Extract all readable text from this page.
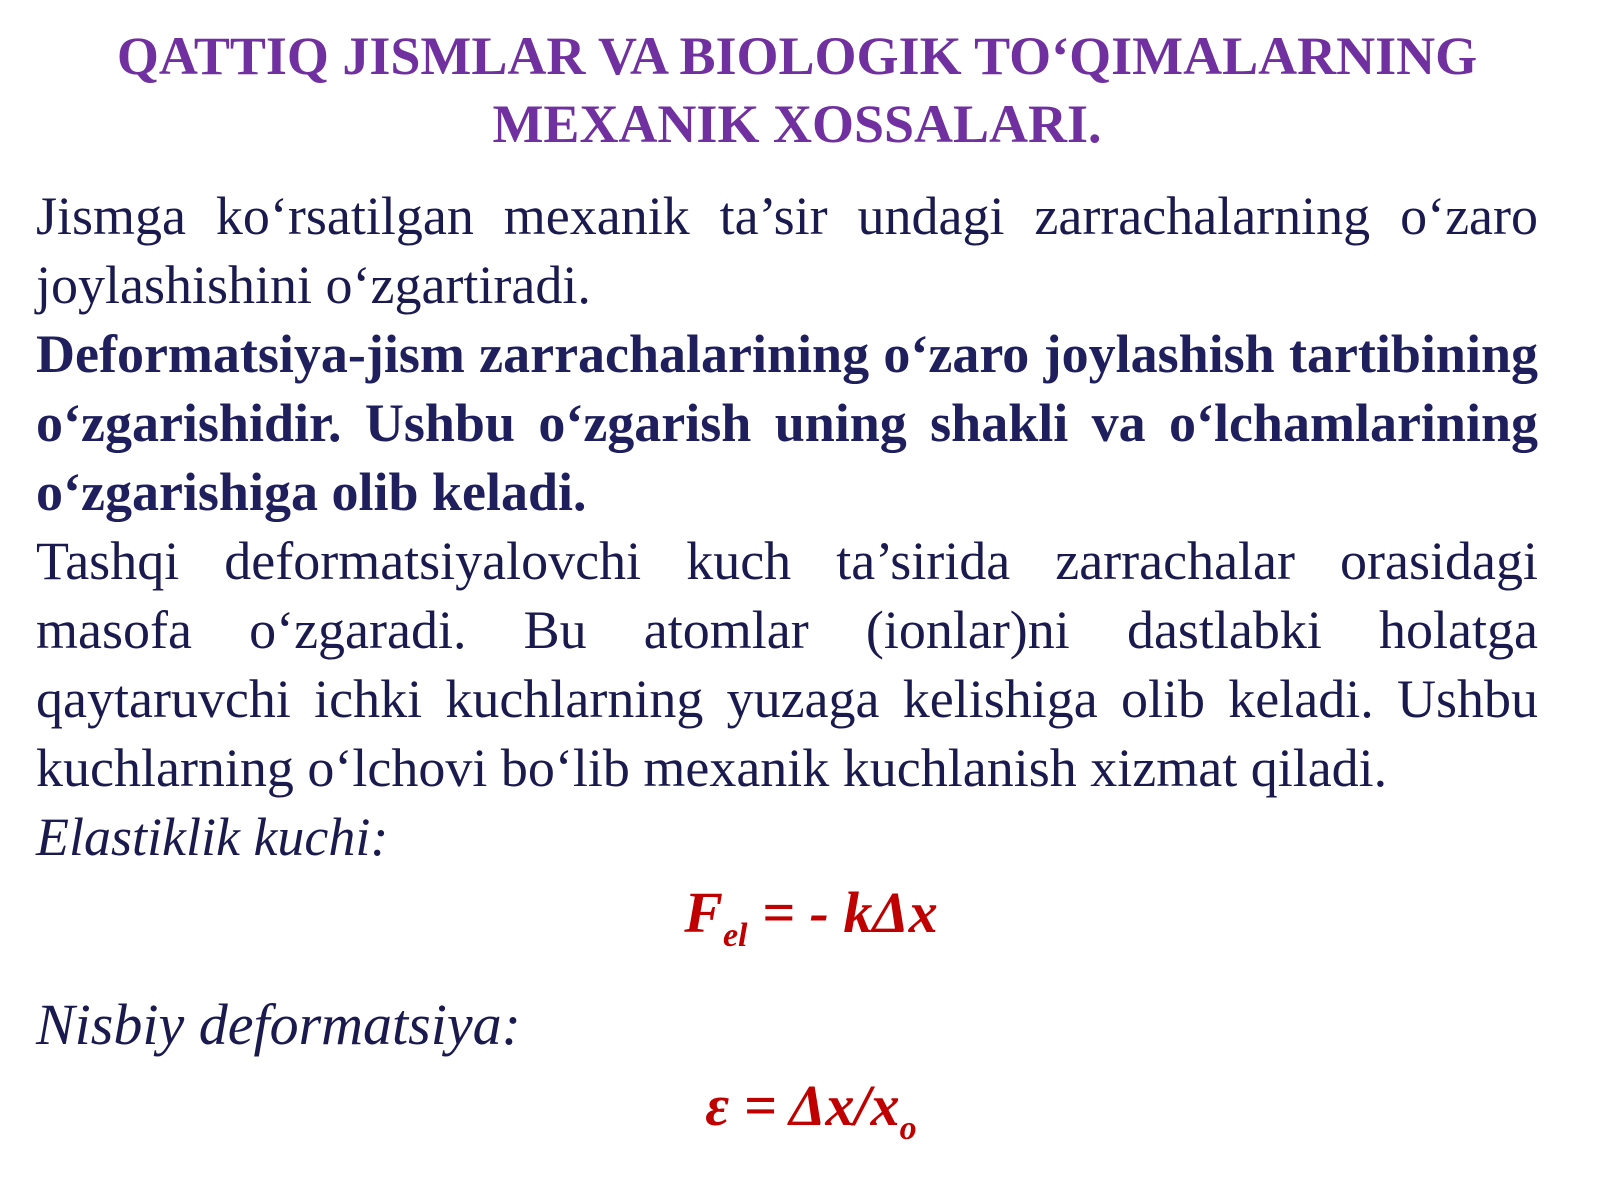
QATTIQ JISMLAR VA BIOLOGIK TO‘QIMALARNING
MEXANIK XOSSALARI.

Jismga ko‘rsatilgan mexanik ta’sir undagi zarrachalarning o‘zaro joylashishini o‘zgartiradi.

Deformatsiya-jism zarrachalarining o‘zaro joylashish tartibining o‘zgarishidir. Ushbu o‘zgarish uning shakli va o‘lchamlarining o‘zgarishiga olib keladi.

Tashqi deformatsiyalovchi kuch ta’sirida zarrachalar orasidagi masofa o‘zgaradi. Bu atomlar (ionlar)ni dastlabki holatga qaytaruvchi ichki kuchlarning yuzaga kelishiga olib keladi. Ushbu kuchlarning o‘lchovi bo‘lib mexanik kuchlanish xizmat qiladi.

Elastiklik kuchi:

$F_{el}$ = - kΔx

Nisbiy deformatsiya:

$\varepsilon = \Delta x/x_o$
